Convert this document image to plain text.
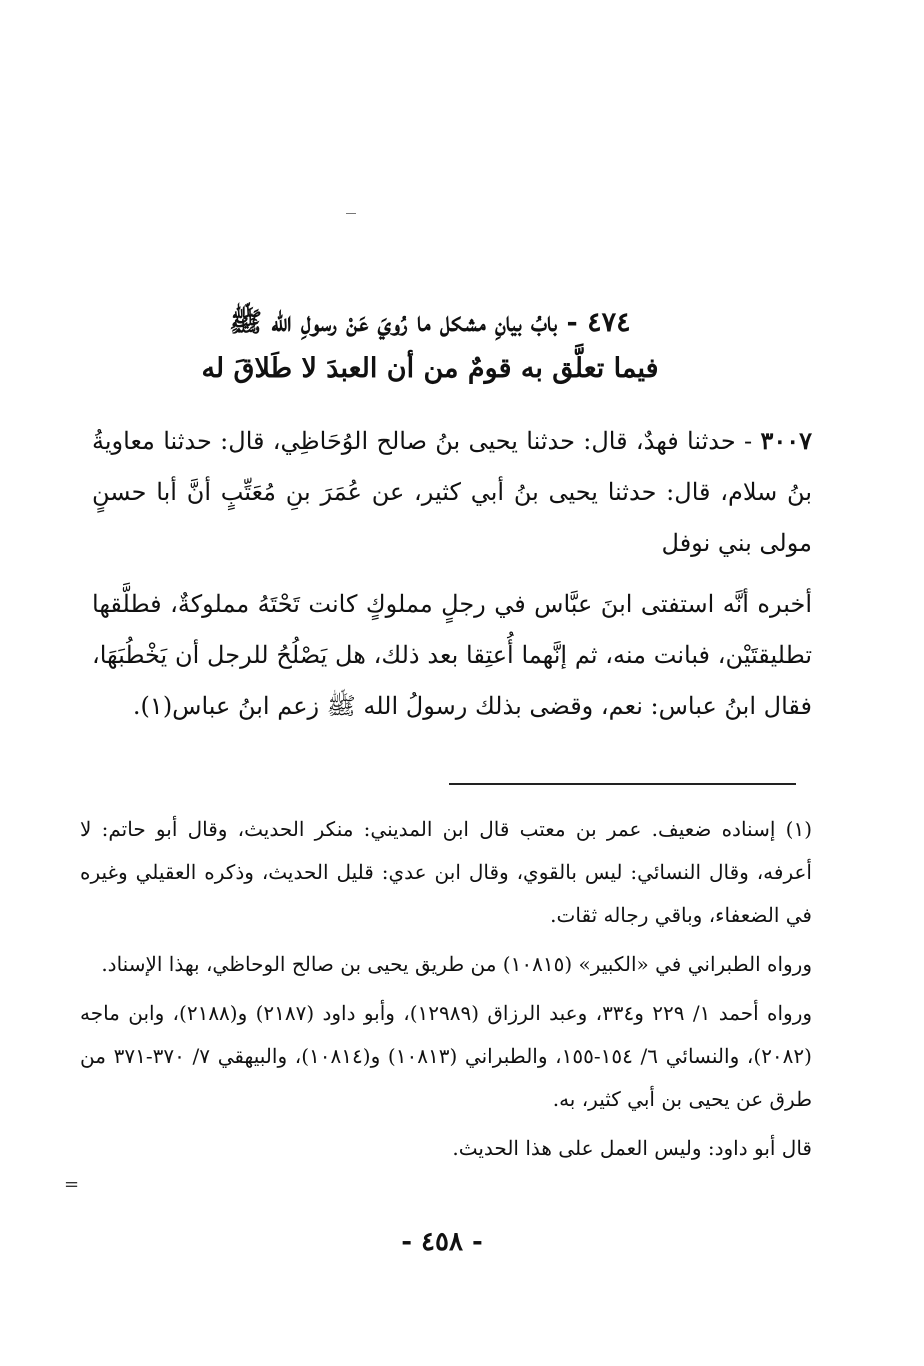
٤٧٤ - بابُ بيانِ مشكل ما رُويَ عَنْ رسولِ الله ﷺ
فيما تعلَّق به قومٌ من أن العبدَ لا طَلاقَ له

٣٠٠٧ - حدثنا فهدٌ، قال: حدثنا يحيى بنُ صالح الوُحَاظِي، قال: حدثنا معاويةُ بنُ سلام، قال: حدثنا يحيى بنُ أبي كثير، عن عُمَرَ بنِ مُعَتِّبٍ أنَّ أبا حسنٍ مولى بني نوفل

أخبره أنَّه استفتى ابنَ عبَّاس في رجلٍ مملوكٍ كانت تَحْتَهُ مملوكةٌ، فطلَّقها تطليقتَيْن، فبانت منه، ثم إنَّهما أُعتِقا بعد ذلك، هل يَصْلُحُ للرجل أن يَخْطُبَهَا، فقال ابنُ عباس: نعم، وقضى بذلك رسولُ الله ﷺ زعم ابنُ عباس(١).

(١) إسناده ضعيف. عمر بن معتب قال ابن المديني: منكر الحديث، وقال أبو حاتم: لا أعرفه، وقال النسائي: ليس بالقوي، وقال ابن عدي: قليل الحديث، وذكره العقيلي وغيره في الضعفاء، وباقي رجاله ثقات.

ورواه الطبراني في «الكبير» (١٠٨١٥) من طريق يحيى بن صالح الوحاظي، بهذا الإسناد.

ورواه أحمد ١/ ٢٢٩ و٣٣٤، وعبد الرزاق (١٢٩٨٩)، وأبو داود (٢١٨٧) و(٢١٨٨)، وابن ماجه (٢٠٨٢)، والنسائي ٦/ ١٥٤-١٥٥، والطبراني (١٠٨١٣) و(١٠٨١٤)، والبيهقي ٧/ ٣٧٠-٣٧١ من طرق عن يحيى بن أبي كثير، به.

قال أبو داود: وليس العمل على هذا الحديث.

=
- ٤٥٨ -
